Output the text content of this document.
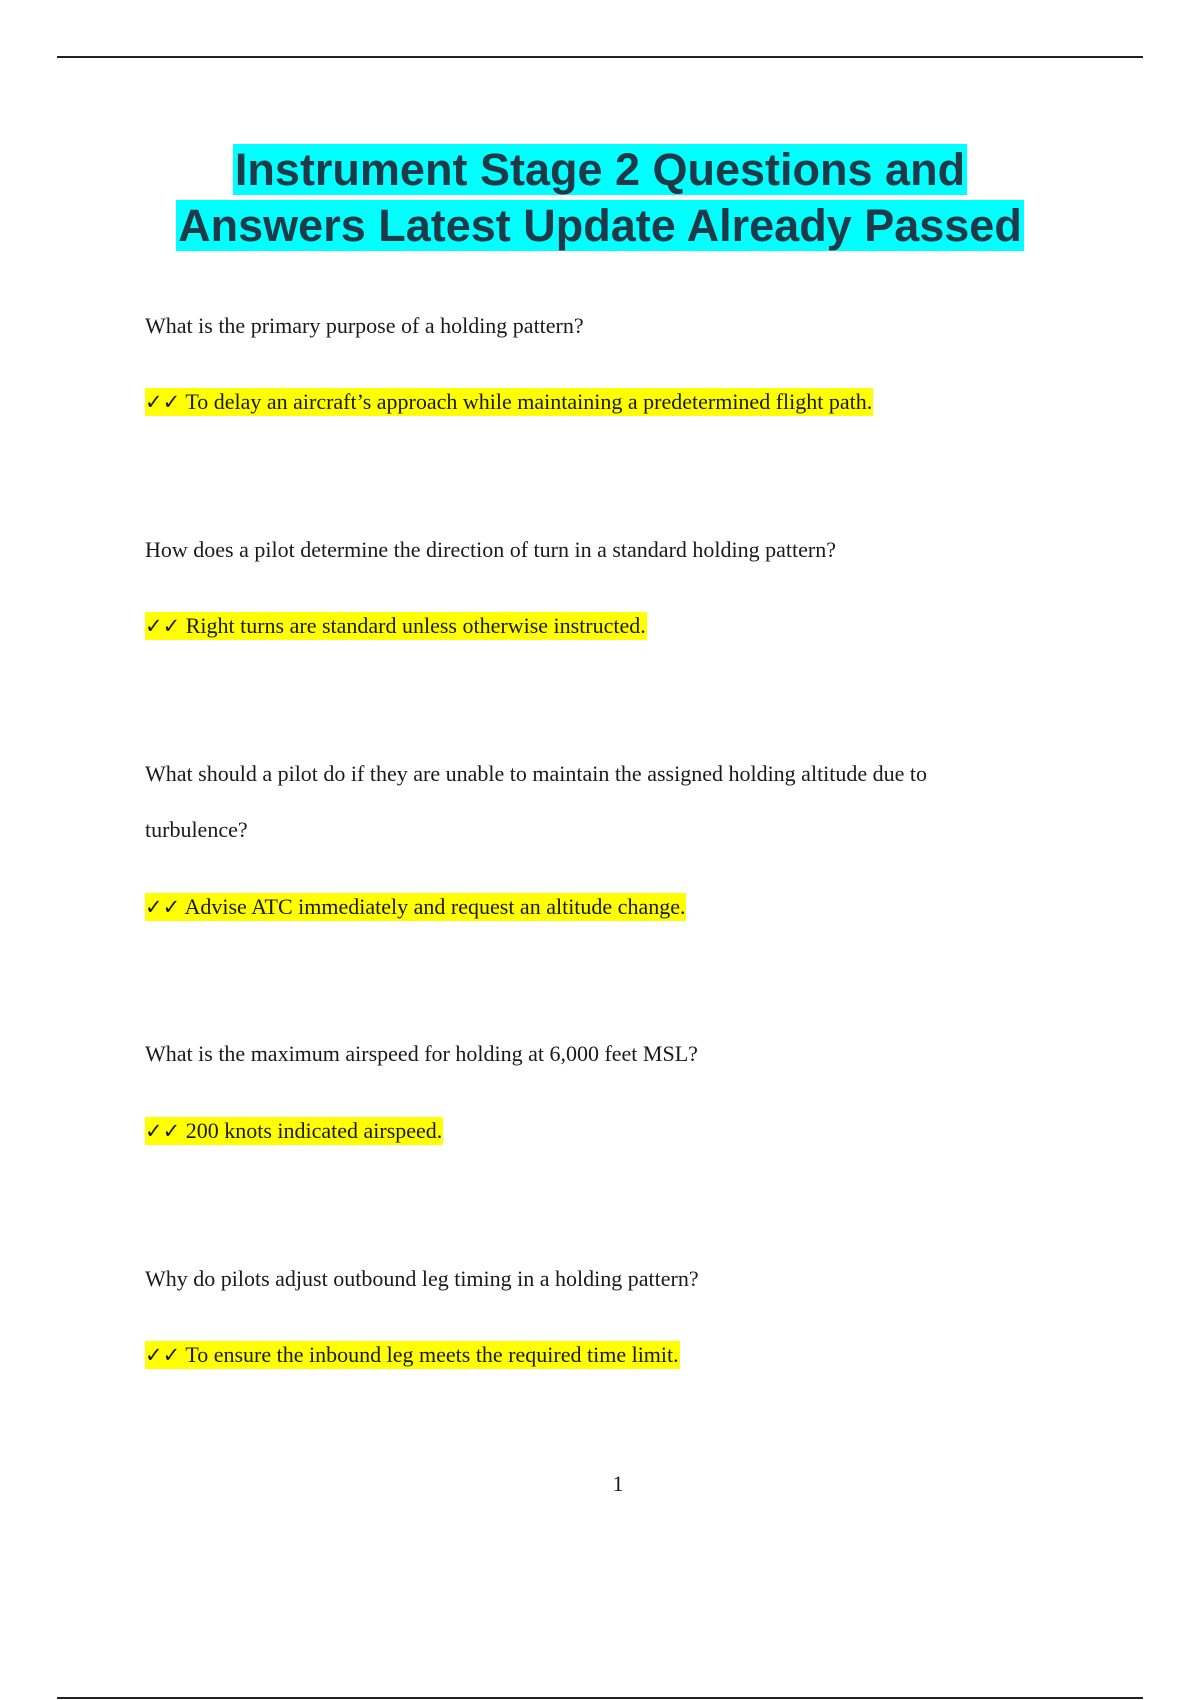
Instrument Stage 2 Questions and
Answers Latest Update Already Passed

What is the primary purpose of a holding pattern?

✓✓ To delay an aircraft’s approach while maintaining a predetermined flight path.

How does a pilot determine the direction of turn in a standard holding pattern?

✓✓ Right turns are standard unless otherwise instructed.

What should a pilot do if they are unable to maintain the assigned holding altitude due to turbulence?

✓✓ Advise ATC immediately and request an altitude change.

What is the maximum airspeed for holding at 6,000 feet MSL?

✓✓ 200 knots indicated airspeed.

Why do pilots adjust outbound leg timing in a holding pattern?

✓✓ To ensure the inbound leg meets the required time limit.

1
